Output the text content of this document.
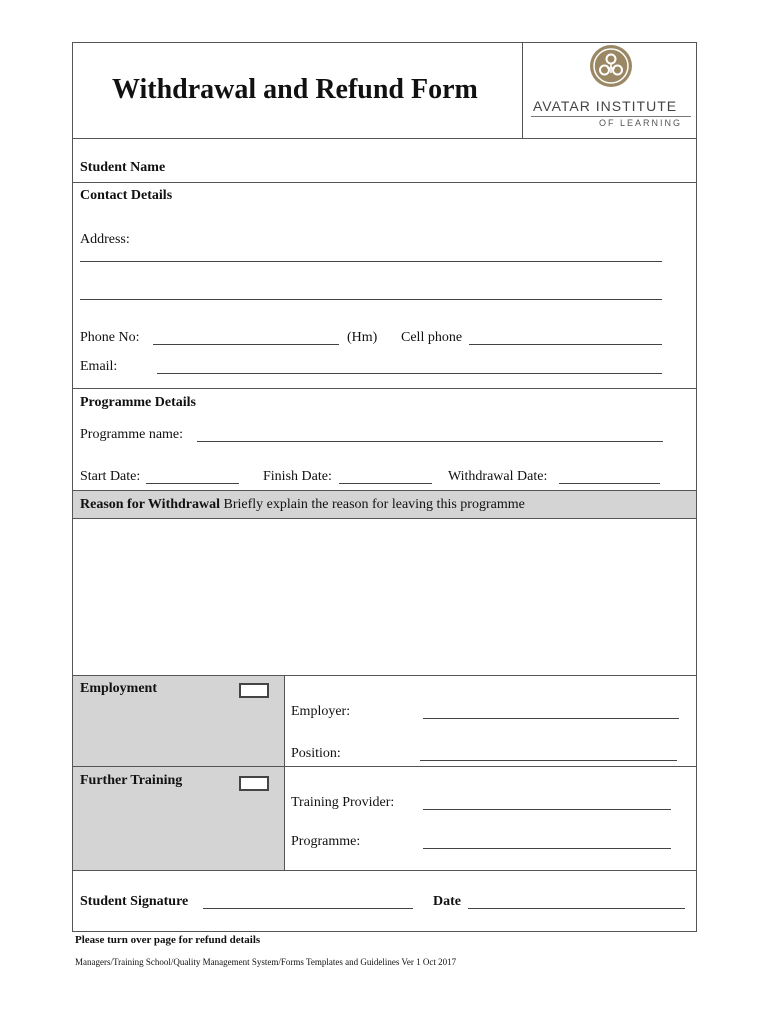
Withdrawal and Refund Form
AVATAR INSTITUTE
OF LEARNING
Student Name
Contact Details
Address:
Phone No:	(Hm) Cell phone
Email:
Programme Details
Programme name:
Start Date:	Finish Date:	Withdrawal Date:
Reason for Withdrawal Briefly explain the reason for leaving this programme
Employment
Employer:
Position:
Further Training
Training Provider:
Programme:
Student Signature	Date
Please turn over page for refund details
Managers/Training School/Quality Management System/Forms Templates and Guidelines Ver 1 Oct 2017
